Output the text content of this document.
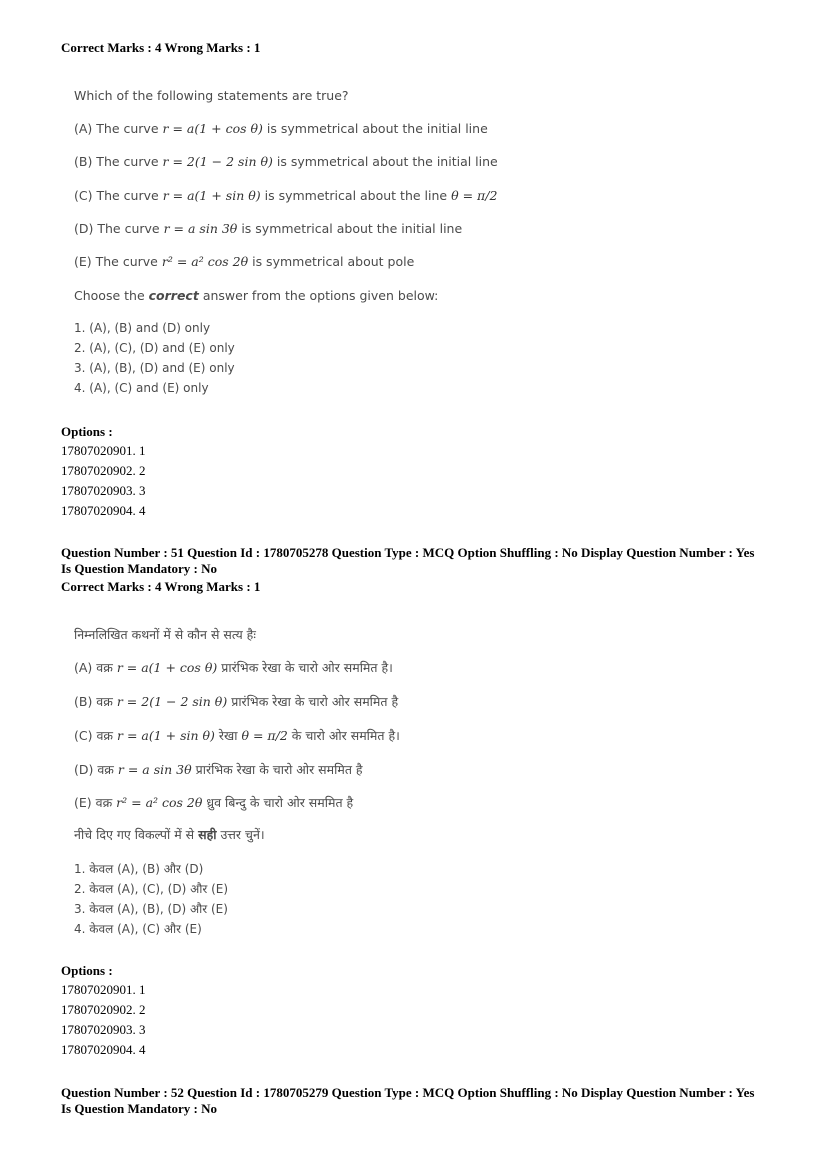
Correct Marks : 4 Wrong Marks : 1
Which of the following statements are true?
(A) The curve r = a(1 + cos θ) is symmetrical about the initial line
(B) The curve r = 2(1 − 2 sin θ) is symmetrical about the initial line
(C) The curve r = a(1 + sin θ) is symmetrical about the line θ = π/2
(D) The curve r = a sin 3θ is symmetrical about the initial line
(E) The curve r² = a² cos 2θ is symmetrical about pole
Choose the correct answer from the options given below:
1. (A), (B) and (D) only
2. (A), (C), (D) and (E) only
3. (A), (B), (D) and (E) only
4. (A), (C) and (E) only
Options :
17807020901. 1
17807020902. 2
17807020903. 3
17807020904. 4
Question Number : 51 Question Id : 1780705278 Question Type : MCQ Option Shuffling : No Display Question Number : Yes
Is Question Mandatory : No
Correct Marks : 4 Wrong Marks : 1
निम्नलिखित कथनों में से कौन से सत्य हैः
(A) वक्र r = a(1 + cos θ) प्रारंभिक रेखा के चारो ओर सममित है।
(B) वक्र r = 2(1 − 2 sin θ) प्रारंभिक रेखा के चारो ओर सममित है
(C) वक्र r = a(1 + sin θ) रेखा θ = π/2 के चारो ओर सममित है।
(D) वक्र r = a sin 3θ प्रारंभिक रेखा के चारो ओर सममित है
(E) वक्र r² = a² cos 2θ ध्रुव बिन्दु के चारो ओर सममित है
नीचे दिए गए विकल्पों में से सही उत्तर चुनें।
1. केवल (A), (B) और (D)
2. केवल (A), (C), (D) और (E)
3. केवल (A), (B), (D) और (E)
4. केवल (A), (C) और (E)
Options :
17807020901. 1
17807020902. 2
17807020903. 3
17807020904. 4
Question Number : 52 Question Id : 1780705279 Question Type : MCQ Option Shuffling : No Display Question Number : Yes
Is Question Mandatory : No
